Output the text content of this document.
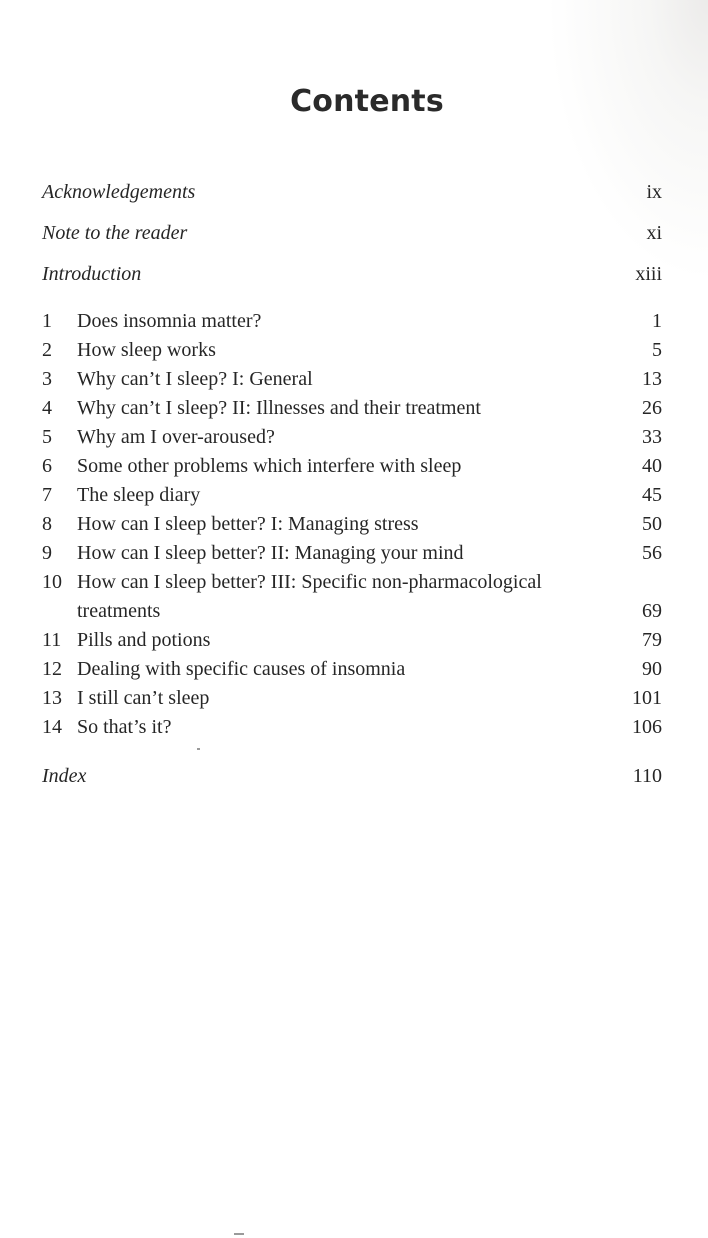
Contents
Acknowledgements	ix
Note to the reader	xi
Introduction	xiii
1 Does insomnia matter?	1
2 How sleep works	5
3 Why can’t I sleep? I: General	13
4 Why can’t I sleep? II: Illnesses and their treatment	26
5 Why am I over-aroused?	33
6 Some other problems which interfere with sleep	40
7 The sleep diary	45
8 How can I sleep better? I: Managing stress	50
9 How can I sleep better? II: Managing your mind	56
10 How can I sleep better? III: Specific non-pharmacological treatments	69
11 Pills and potions	79
12 Dealing with specific causes of insomnia	90
13 I still can’t sleep	101
14 So that’s it?	106
Index	110
